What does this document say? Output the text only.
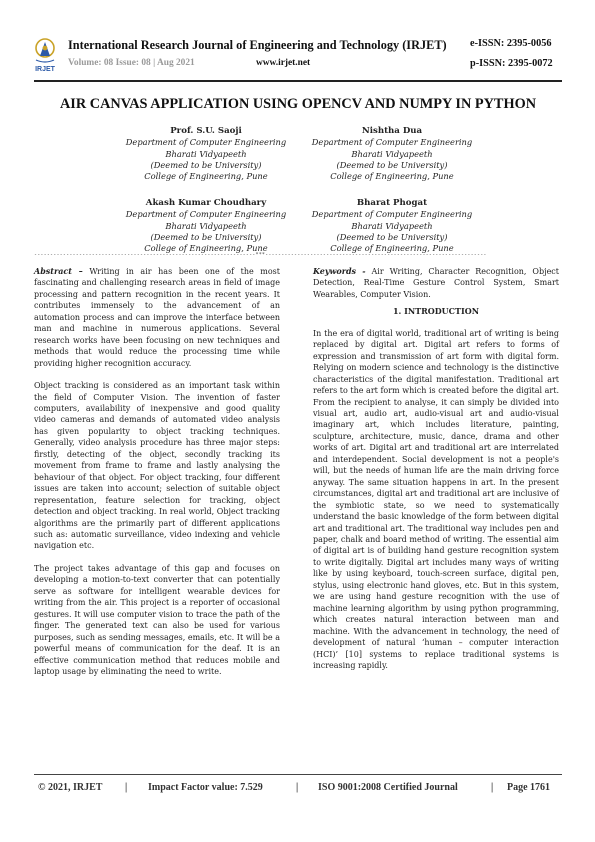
IRJET
International Research Journal of Engineering and Technology (IRJET) e-ISSN: 2395-0056
Volume: 08 Issue: 08 | Aug 2021	www.irjet.net	p-ISSN: 2395-0072
AIR CANVAS APPLICATION USING OPENCV AND NUMPY IN PYTHON
Prof. S.U. Saoji
Department of Computer Engineering
Bharati Vidyapeeth
(Deemed to be University)
College of Engineering, Pune
Nishtha Dua
Department of Computer Engineering
Bharati Vidyapeeth
(Deemed to be University)
College of Engineering, Pune
Akash Kumar Choudhary
Department of Computer Engineering
Bharati Vidyapeeth
(Deemed to be University)
College of Engineering, Pune
Bharat Phogat
Department of Computer Engineering
Bharati Vidyapeeth
(Deemed to be University)
College of Engineering, Pune
---------------------------------------------------------------------***---------------------------------------------------------------------

Abstract – Writing in air has been one of the most fascinating and challenging research areas in field of image processing and pattern recognition in the recent years. It contributes immensely to the advancement of an automation process and can improve the interface between man and machine in numerous applications. Several research works have been focusing on new techniques and methods that would reduce the processing time while providing higher recognition accuracy.

Object tracking is considered as an important task within the field of Computer Vision. The invention of faster computers, availability of inexpensive and good quality video cameras and demands of automated video analysis has given popularity to object tracking techniques. Generally, video analysis procedure has three major steps: firstly, detecting of the object, secondly tracking its movement from frame to frame and lastly analysing the behaviour of that object. For object tracking, four different issues are taken into account; selection of suitable object representation, feature selection for tracking, object detection and object tracking. In real world, Object tracking algorithms are the primarily part of different applications such as: automatic surveillance, video indexing and vehicle navigation etc.

The project takes advantage of this gap and focuses on developing a motion-to-text converter that can potentially serve as software for intelligent wearable devices for writing from the air. This project is a reporter of occasional gestures. It will use computer vision to trace the path of the finger. The generated text can also be used for various purposes, such as sending messages, emails, etc. It will be a powerful means of communication for the deaf. It is an effective communication method that reduces mobile and laptop usage by eliminating the need to write.

Keywords - Air Writing, Character Recognition, Object Detection, Real-Time Gesture Control System, Smart Wearables, Computer Vision.

1. INTRODUCTION

In the era of digital world, traditional art of writing is being replaced by digital art. Digital art refers to forms of expression and transmission of art form with digital form. Relying on modern science and technology is the distinctive characteristics of the digital manifestation. Traditional art refers to the art form which is created before the digital art. From the recipient to analyse, it can simply be divided into visual art, audio art, audio-visual art and audio-visual imaginary art, which includes literature, painting, sculpture, architecture, music, dance, drama and other works of art. Digital art and traditional art are interrelated and interdependent. Social development is not a people's will, but the needs of human life are the main driving force anyway. The same situation happens in art. In the present circumstances, digital art and traditional art are inclusive of the symbiotic state, so we need to systematically understand the basic knowledge of the form between digital art and traditional art. The traditional way includes pen and paper, chalk and board method of writing. The essential aim of digital art is of building hand gesture recognition system to write digitally. Digital art includes many ways of writing like by using keyboard, touch-screen surface, digital pen, stylus, using electronic hand gloves, etc. But in this system, we are using hand gesture recognition with the use of machine learning algorithm by using python programming, which creates natural interaction between man and machine. With the advancement in technology, the need of development of natural ‘human – computer interaction (HCI)’ [10] systems to replace traditional systems is increasing rapidly.

© 2021, IRJET | Impact Factor value: 7.529	| ISO 9001:2008 Certified Journal	| Page 1761
